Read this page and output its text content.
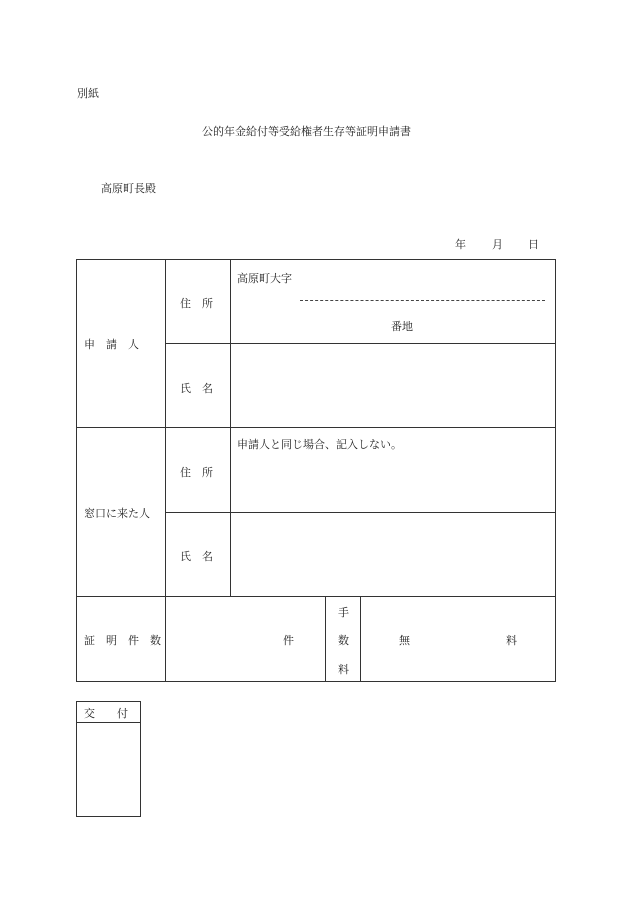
別紙
公的年金給付等受給権者生存等証明申請書
高原町長殿
年 月 日
申　請　人
住　所
高原町大字
番地
氏　名
窓口に来た人
住　所
申請人と同じ場合、記入しない。
氏　名
証　明　件　数	件
手
数
料
無	料
交　　付
